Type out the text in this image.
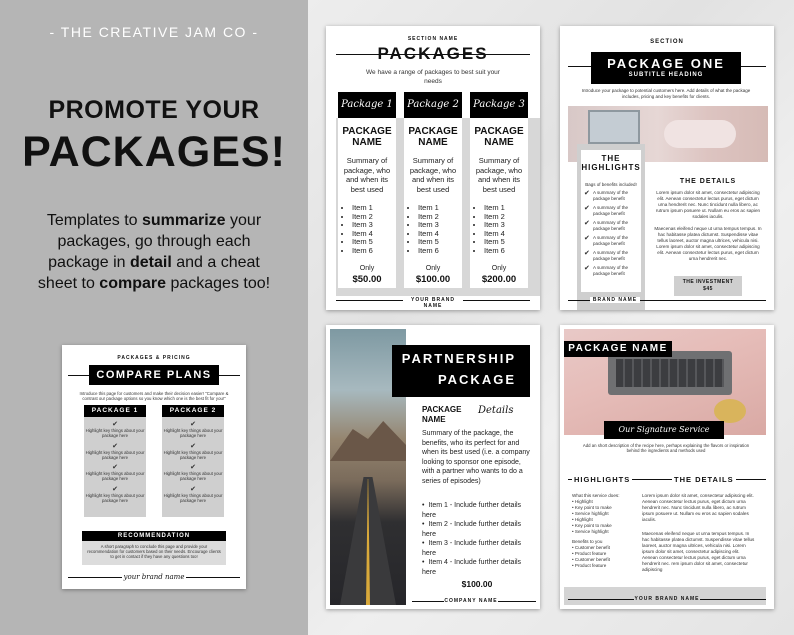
- THE CREATIVE JAM CO -
PROMOTE YOUR
PACKAGES!
Templates to summarize your packages, go through each package in detail and a cheat sheet to compare packages too!
SECTION NAME
PACKAGES
We have a range of packages to best suit your needs
Package 1
PACKAGE NAME
Summary of package, who and when its best used
• Item 1
• Item 2
• Item 3
• Item 4
• Item 5
• Item 6
Only
$50.00
Package 2
PACKAGE NAME
Summary of package, who and when its best used
• Item 1
• Item 2
• Item 3
• Item 4
• Item 5
• Item 6
Only
$100.00
Package 3
PACKAGE NAME
Summary of package, who and when its best used
• Item 1
• Item 2
• Item 3
• Item 4
• Item 5
• Item 6
Only
$200.00
YOUR BRAND NAME
SECTION
PACKAGE ONE
SUBTITLE HEADING
Introduce your package to potential customers here. Add details of what the package includes, pricing and key benefits for clients.
THE HIGHLIGHTS
Bags of benefits included!
✔ A summary of the package benefit
✔ A summary of the package benefit
✔ A summary of the package benefit
✔ A summary of the package benefit
✔ A summary of the package benefit
✔ A summary of the package benefit
THE DETAILS
Lorem ipsum dolor sit amet, consectetur adipiscing elit. Aenean consectetur lectus purus, eget dictum urna hendrerit nec. Nunc tincidunt nulla libero, ac rutrum ipsum posuere ut. Nullam eu eros ac sapien sodales iaculis.
Maecenas eleifend neque ut urna tempus tempus. In hac habitasse platea dictumst. Suspendisse vitae tellus laoreet, auctor magna ultrices, vehicula nisi. Lorem ipsum dolor sit amet, consectetur adipiscing elit. Aenean consectetur lectus purus, eget dictum urna hendrerit nec.
THE INVESTMENT
$45
BRAND NAME
PACKAGES & PRICING
COMPARE PLANS
Introduce this page for customers and make their decision easier! "Compare & contrast our package options so you know which one is the best fit for you!"
PACKAGE 1
✔
Highlight key things about your package here
✔
Highlight key things about your package here
✔
Highlight key things about your package here
✔
Highlight key things about your package here
PACKAGE 2
✔
Highlight key things about your package here
✔
Highlight key things about your package here
✔
Highlight key things about your package here
✔
Highlight key things about your package here
RECOMMENDATION
A short paragraph to conclude this page and provide your recommendation for customers based on their needs. Encourage clients to get in contact if they have any questions too!
your brand name
PARTNERSHIP
PACKAGE
PACKAGE NAME
Details
Summary of the package, the benefits, who its perfect for and when its best used (i.e. a company looking to sponsor one episode, with a partner who wants to do a series of episodes)
• Item 1 - Include further details here
• Item 2 - Include further details here
• Item 3 - Include further details here
• Item 4 - Include further details here
$100.00
COMPANY NAME
PACKAGE NAME
Our Signature Service
Add an short description of the recipe here, perhaps explaining the flavors or inspiration behind the ingredients and methods used
HIGHLIGHTS	THE DETAILS
What this service does:
• Highlight
• Key point to make
• Service highlight
• Highlight
• Key point to make
• Service highlight
Benefits to you
• Customer benefit
• Product feature
• Customer benefit
• Product feature
Lorem ipsum dolor sit amet, consectetur adipiscing elit. Aenean consectetur lectus purus, eget dictum urna hendrerit nec. Nunc tincidunt nulla libero, ac rutrum ipsum posuere ut. Nullam eu eros ac sapien sodales iaculis.
Maecenas eleifend neque ut urna tempus tempus. In hac habitasse platea dictumst. Suspendisse vitae tellus laoreet, auctor magna ultrices, vehicula nisi. Lorem ipsum dolor sit amet, consectetur adipiscing elit. Aenean consectetur lectus purus, eget dictum urna hendrerit nec. rem ipsum dolor sit amet, consectetur adipiscing
YOUR BRAND NAME
